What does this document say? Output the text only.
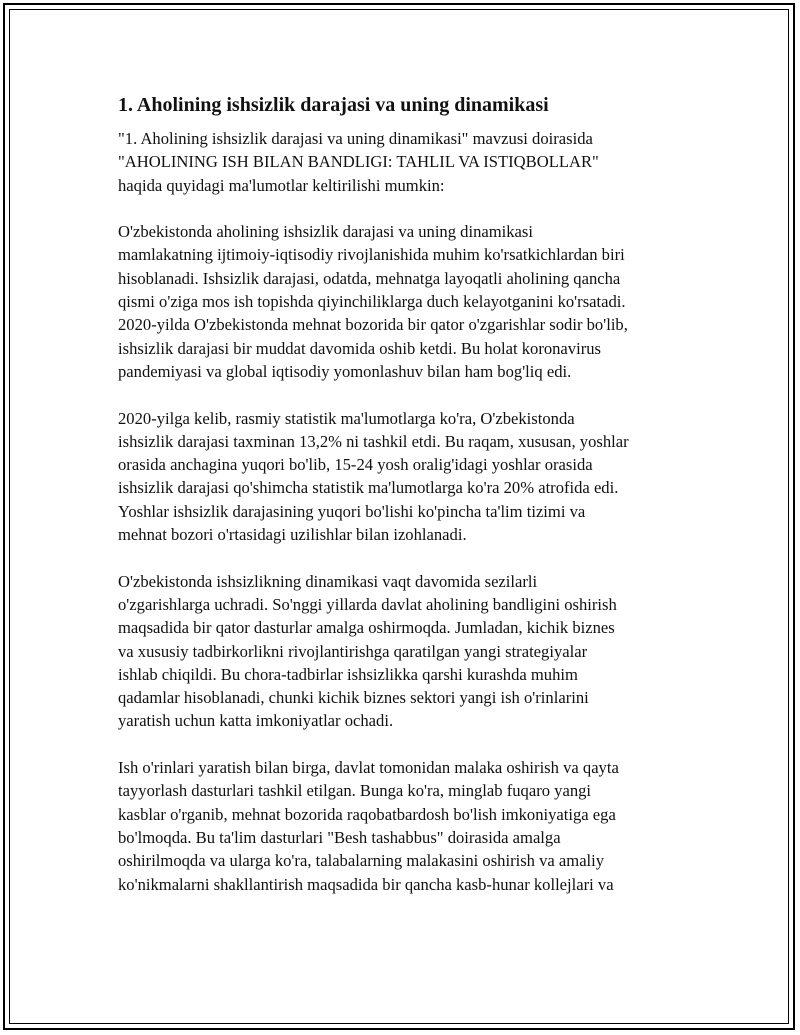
1. Aholining ishsizlik darajasi va uning dinamikasi

"1. Aholining ishsizlik darajasi va uning dinamikasi" mavzusi doirasida
"AHOLINING ISH BILAN BANDLIGI: TAHLIL VA ISTIQBOLLAR"
haqida quyidagi ma'lumotlar keltirilishi mumkin:

O'zbekistonda aholining ishsizlik darajasi va uning dinamikasi
mamlakatning ijtimoiy-iqtisodiy rivojlanishida muhim ko'rsatkichlardan biri
hisoblanadi. Ishsizlik darajasi, odatda, mehnatga layoqatli aholining qancha
qismi o'ziga mos ish topishda qiyinchiliklarga duch kelayotganini ko'rsatadi.
2020-yilda O'zbekistonda mehnat bozorida bir qator o'zgarishlar sodir bo'lib,
ishsizlik darajasi bir muddat davomida oshib ketdi. Bu holat koronavirus
pandemiyasi va global iqtisodiy yomonlashuv bilan ham bog'liq edi.

2020-yilga kelib, rasmiy statistik ma'lumotlarga ko'ra, O'zbekistonda
ishsizlik darajasi taxminan 13,2% ni tashkil etdi. Bu raqam, xususan, yoshlar
orasida anchagina yuqori bo'lib, 15-24 yosh oralig'idagi yoshlar orasida
ishsizlik darajasi qo'shimcha statistik ma'lumotlarga ko'ra 20% atrofida edi.
Yoshlar ishsizlik darajasining yuqori bo'lishi ko'pincha ta'lim tizimi va
mehnat bozori o'rtasidagi uzilishlar bilan izohlanadi.

O'zbekistonda ishsizlikning dinamikasi vaqt davomida sezilarli
o'zgarishlarga uchradi. So'nggi yillarda davlat aholining bandligini oshirish
maqsadida bir qator dasturlar amalga oshirmoqda. Jumladan, kichik biznes
va xususiy tadbirkorlikni rivojlantirishga qaratilgan yangi strategiyalar
ishlab chiqildi. Bu chora-tadbirlar ishsizlikka qarshi kurashda muhim
qadamlar hisoblanadi, chunki kichik biznes sektori yangi ish o'rinlarini
yaratish uchun katta imkoniyatlar ochadi.

Ish o'rinlari yaratish bilan birga, davlat tomonidan malaka oshirish va qayta
tayyorlash dasturlari tashkil etilgan. Bunga ko'ra, minglab fuqaro yangi
kasblar o'rganib, mehnat bozorida raqobatbardosh bo'lish imkoniyatiga ega
bo'lmoqda. Bu ta'lim dasturlari "Besh tashabbus" doirasida amalga
oshirilmoqda va ularga ko'ra, talabalarning malakasini oshirish va amaliy
ko'nikmalarni shakllantirish maqsadida bir qancha kasb-hunar kollejlari va
